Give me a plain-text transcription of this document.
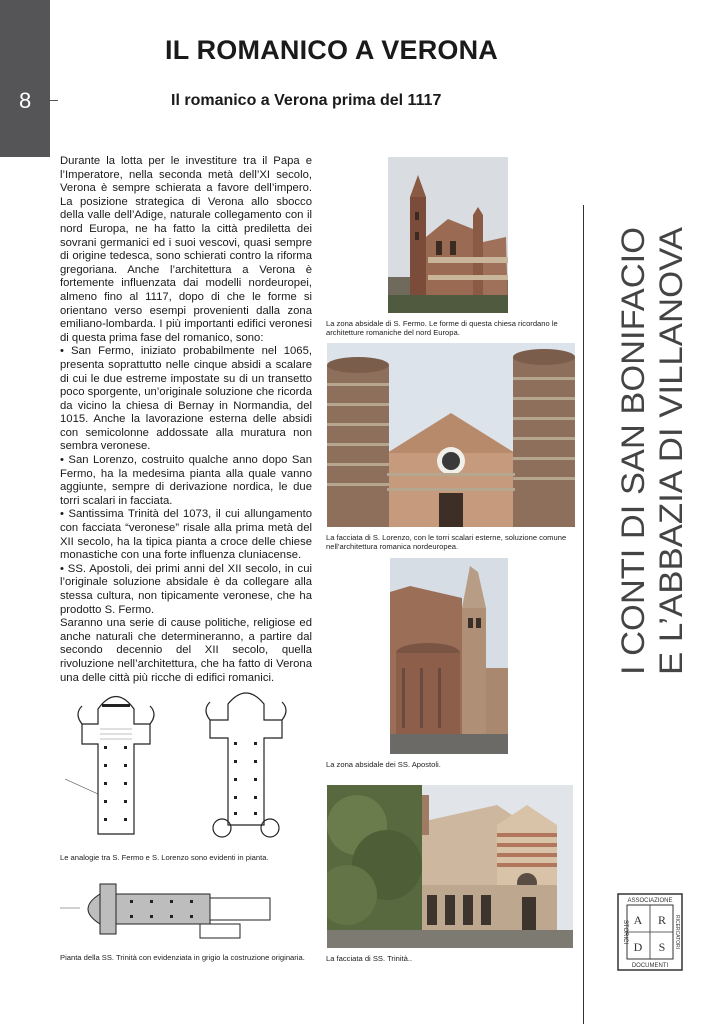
8
IL ROMANICO A VERONA
Il romanico a Verona prima del 1117

Durante la lotta per le investiture tra il Papa e l’Imperatore, nella seconda metà dell’XI secolo, Verona è sempre schierata a favore dell’impero. La posizione strategica di Verona allo sbocco della valle dell’Adige, naturale collegamento con il nord Europa, ne ha fatto la città prediletta dei sovrani germanici ed i suoi vescovi, quasi sempre di origine tedesca, sono schierati contro la riforma gregoriana. Anche l’architettura a Verona è fortemente influenzata dai modelli nordeuropei, almeno fino al 1117, dopo di che le forme si orientano verso esempi provenienti dalla zona emiliano-lombarda. I più importanti edifici veronesi di questa prima fase del romanico, sono:

• San Fermo, iniziato probabilmente nel 1065, presenta soprattutto nelle cinque absidi a scalare di cui le due estreme impostate su di un transetto poco sporgente, un’originale soluzione che ricorda da vicino la chiesa di Bernay in Normandia, del 1015. Anche la lavorazione esterna delle absidi con semicolonne addossate alla muratura non sembra veronese.

• San Lorenzo, costruito qualche anno dopo San Fermo, ha la medesima pianta alla quale vanno aggiunte, sempre di derivazione nordica, le due torri scalari in facciata.

• Santissima Trinità del 1073, il cui allungamento con facciata “veronese” risale alla prima metà del XII secolo, ha la tipica pianta a croce delle chiese monastiche con una forte influenza cluniacense.

• SS. Apostoli, dei primi anni del XII secolo, in cui l’originale soluzione absidale è da collegare alla stessa cultura, non tipicamente veronese, che ha prodotto S. Fermo.

Saranno una serie di cause politiche, religiose ed anche naturali che determineranno, a partire dal secondo decennio del XII secolo, quella rivoluzione nell’architettura, che ha fatto di Verona una delle città più ricche di edifici romanici.

La zona absidale di S. Fermo. Le forme di questa chiesa ricordano le architetture romaniche del nord Europa.
La facciata di S. Lorenzo, con le torri scalari esterne, soluzione comune nell’architettura romanica nordeuropea.
La zona absidale dei SS. Apostoli.
La facciata di SS. Trinità..
Le analogie tra S. Fermo e S. Lorenzo sono evidenti in pianta.
Pianta della SS. Trinità con evidenziata in grigio la costruzione originaria.
I CONTI DI SAN BONIFACIO E L’ABBAZIA DI VILLANOVA
ASSOCIAZIONE
DOCUMENTI
STORICI	RICERCATORI
A R
D S
